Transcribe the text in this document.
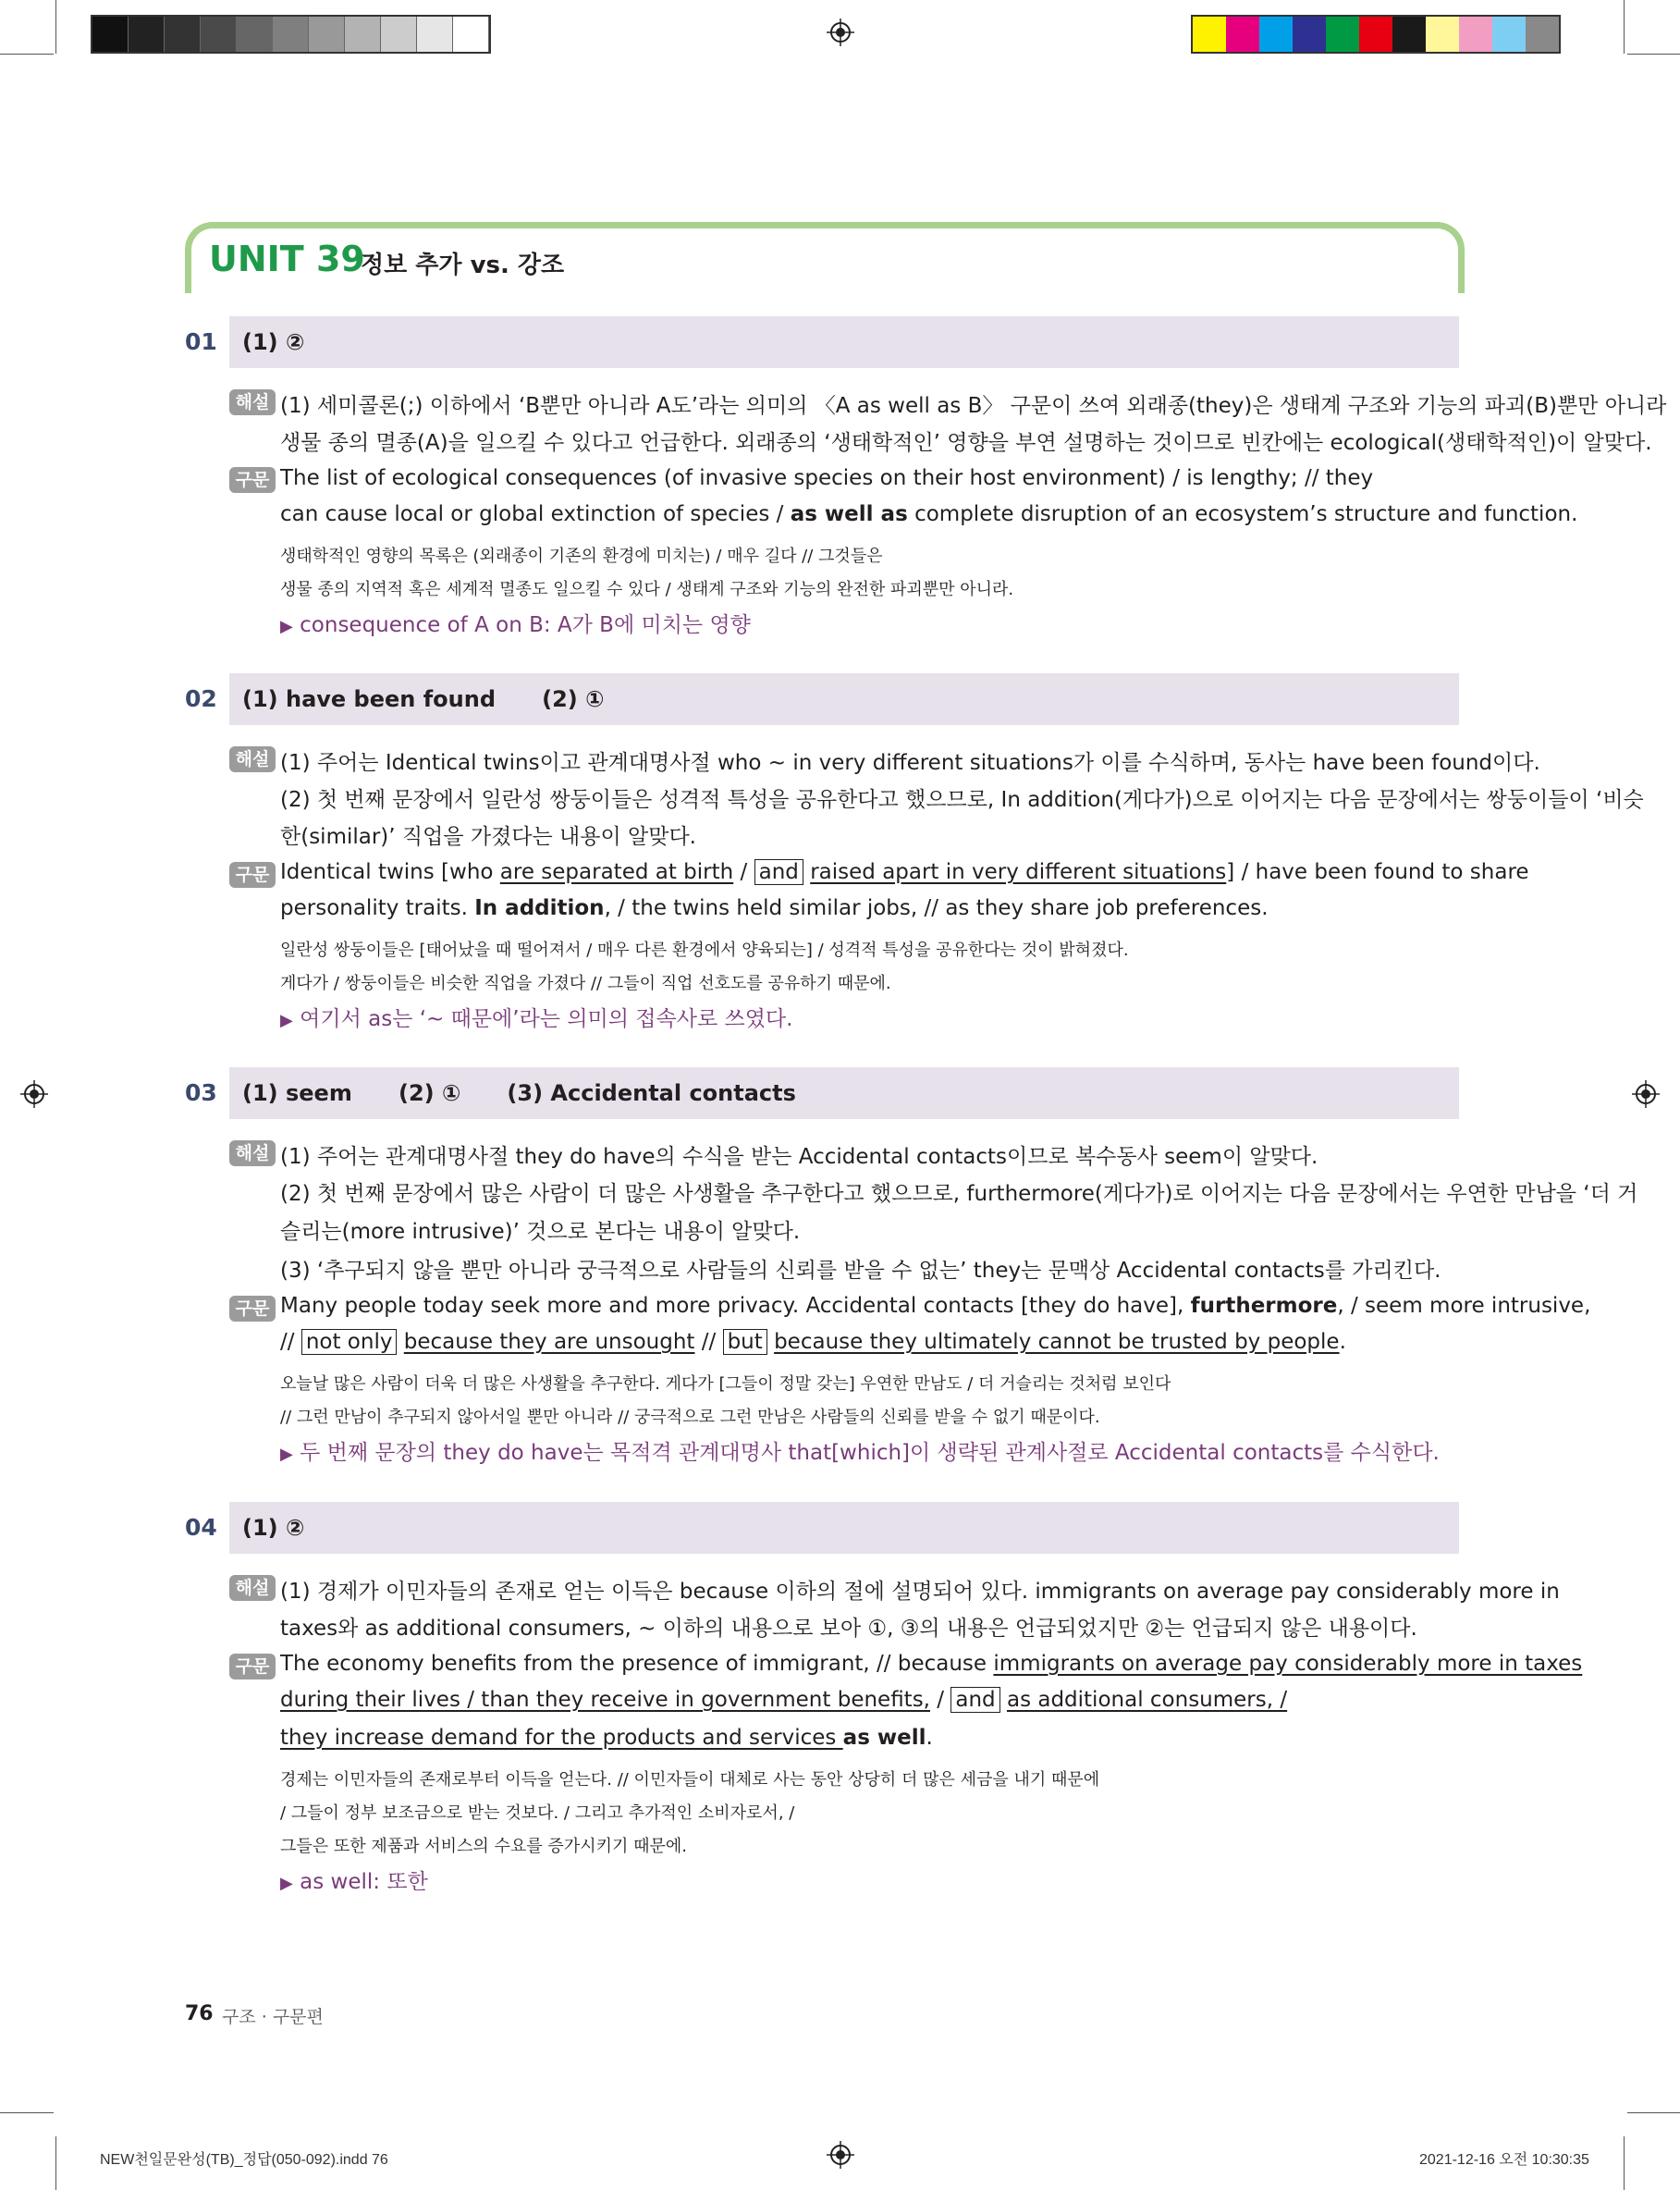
UNIT 39
정보 추가 vs. 강조
01 (1) ②
해설 (1) 세미콜론(;) 이하에서 ‘B뿐만 아니라 A도’라는 의미의 〈A as well as B〉 구문이 쓰여 외래종(they)은 생태계 구조와 기능의 파괴(B)뿐만 아니라
생물 종의 멸종(A)을 일으킬 수 있다고 언급한다. 외래종의 ‘생태학적인’ 영향을 부연 설명하는 것이므로 빈칸에는 ecological(생태학적인)이 알맞다.
구문 The list of ecological consequences (of invasive species on their host environment) / is lengthy; // they
can cause local or global extinction of species / as well as complete disruption of an ecosystem’s structure and function.
생태학적인 영향의 목록은 (외래종이 기존의 환경에 미치는) / 매우 길다 // 그것들은
생물 종의 지역적 혹은 세계적 멸종도 일으킬 수 있다 / 생태계 구조와 기능의 완전한 파괴뿐만 아니라.
▶ consequence of A on B: A가 B에 미치는 영향
02 (1) have been found      (2) ①
해설 (1) 주어는 Identical twins이고 관계대명사절 who ~ in very different situations가 이를 수식하며, 동사는 have been found이다.
(2) 첫 번째 문장에서 일란성 쌍둥이들은 성격적 특성을 공유한다고 했으므로, In addition(게다가)으로 이어지는 다음 문장에서는 쌍둥이들이 ‘비슷
한(similar)’ 직업을 가졌다는 내용이 알맞다.
구문 Identical twins [who are separated at birth / and raised apart in very different situations] / have been found to share
personality traits. In addition, / the twins held similar jobs, // as they share job preferences.
일란성 쌍둥이들은 [태어났을 때 떨어져서 / 매우 다른 환경에서 양육되는] / 성격적 특성을 공유한다는 것이 밝혀졌다.
게다가 / 쌍둥이들은 비슷한 직업을 가졌다 // 그들이 직업 선호도를 공유하기 때문에.
▶ 여기서 as는 ‘~ 때문에’라는 의미의 접속사로 쓰였다.
03 (1) seem      (2) ①      (3) Accidental contacts
해설 (1) 주어는 관계대명사절 they do have의 수식을 받는 Accidental contacts이므로 복수동사 seem이 알맞다.
(2) 첫 번째 문장에서 많은 사람이 더 많은 사생활을 추구한다고 했으므로, furthermore(게다가)로 이어지는 다음 문장에서는 우연한 만남을 ‘더 거
슬리는(more intrusive)’ 것으로 본다는 내용이 알맞다.
(3) ‘추구되지 않을 뿐만 아니라 궁극적으로 사람들의 신뢰를 받을 수 없는’ they는 문맥상 Accidental contacts를 가리킨다.
구문 Many people today seek more and more privacy. Accidental contacts [they do have], furthermore, / seem more intrusive,
// not only because they are unsought // but because they ultimately cannot be trusted by people.
오늘날 많은 사람이 더욱 더 많은 사생활을 추구한다. 게다가 [그들이 정말 갖는] 우연한 만남도 / 더 거슬리는 것처럼 보인다
// 그런 만남이 추구되지 않아서일 뿐만 아니라 // 궁극적으로 그런 만남은 사람들의 신뢰를 받을 수 없기 때문이다.
▶ 두 번째 문장의 they do have는 목적격 관계대명사 that[which]이 생략된 관계사절로 Accidental contacts를 수식한다.
04 (1) ②
해설 (1) 경제가 이민자들의 존재로 얻는 이득은 because 이하의 절에 설명되어 있다. immigrants on average pay considerably more in
taxes와 as additional consumers, ~ 이하의 내용으로 보아 ①, ③의 내용은 언급되었지만 ②는 언급되지 않은 내용이다.
구문 The economy benefits from the presence of immigrant, // because immigrants on average pay considerably more in taxes
during their lives / than they receive in government benefits, / and as additional consumers, /
they increase demand for the products and services as well.
경제는 이민자들의 존재로부터 이득을 얻는다. // 이민자들이 대체로 사는 동안 상당히 더 많은 세금을 내기 때문에
/ 그들이 정부 보조금으로 받는 것보다. / 그리고 추가적인 소비자로서, /
그들은 또한 제품과 서비스의 수요를 증가시키기 때문에.
▶ as well: 또한
76 구조 · 구문편
NEW천일문완성(TB)_정답(050-092).indd 76	2021-12-16 오전 10:30:35
